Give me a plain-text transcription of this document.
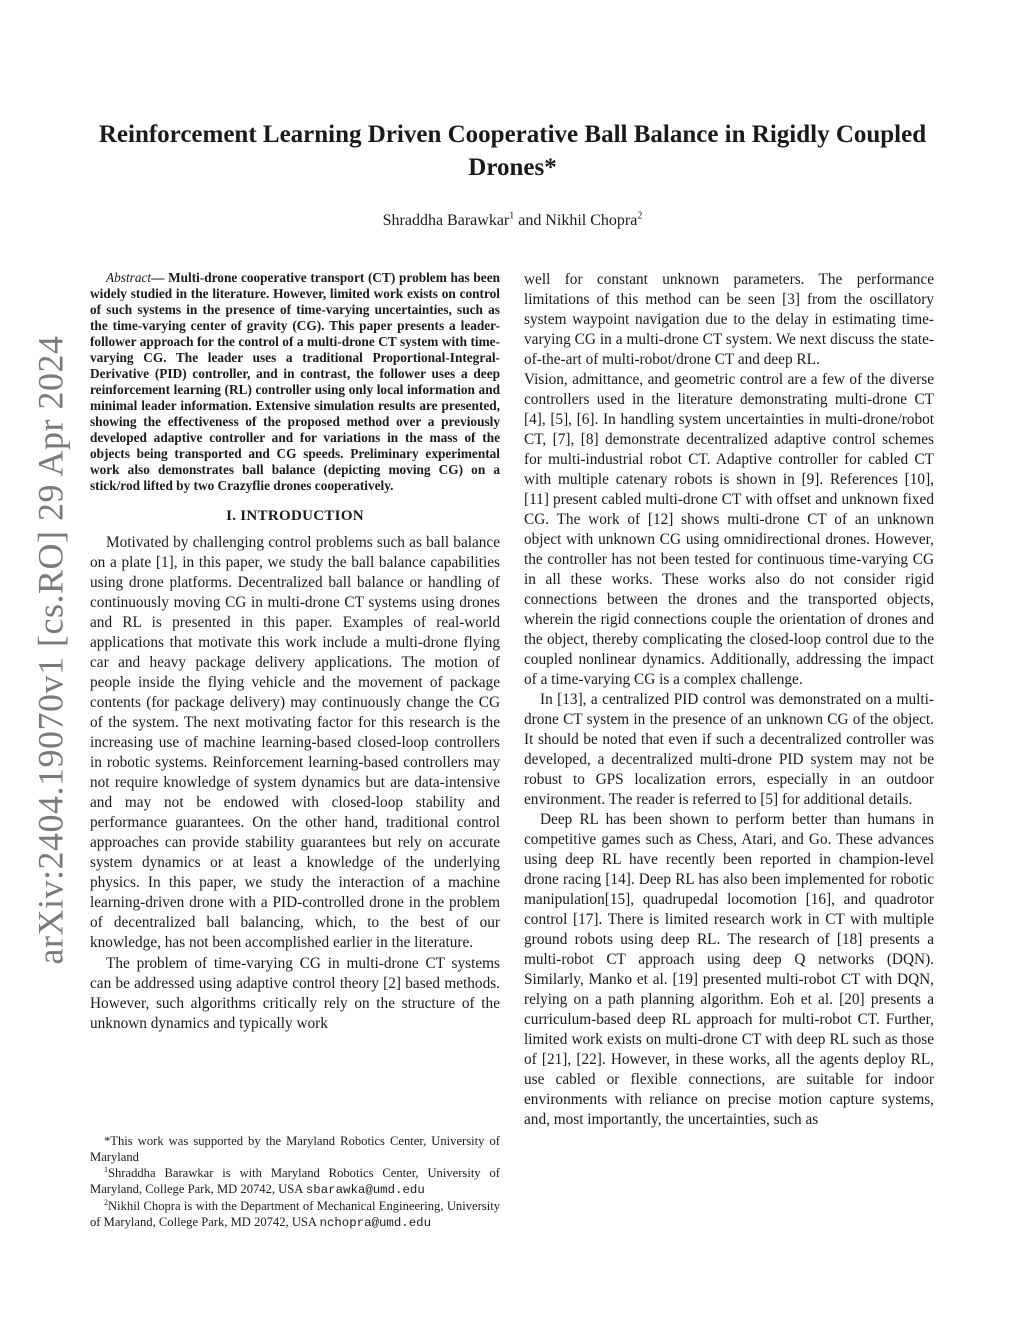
arXiv:2404.19070v1 [cs.RO] 29 Apr 2024
Reinforcement Learning Driven Cooperative Ball Balance in Rigidly Coupled Drones*
Shraddha Barawkar$^1$ and Nikhil Chopra$^2$

Abstract— Multi-drone cooperative transport (CT) problem has been widely studied in the literature. However, limited work exists on control of such systems in the presence of time-varying uncertainties, such as the time-varying center of gravity (CG). This paper presents a leader-follower approach for the control of a multi-drone CT system with time-varying CG. The leader uses a traditional Proportional-Integral-Derivative (PID) controller, and in contrast, the follower uses a deep reinforcement learning (RL) controller using only local information and minimal leader information. Extensive simulation results are presented, showing the effectiveness of the proposed method over a previously developed adaptive controller and for variations in the mass of the objects being transported and CG speeds. Preliminary experimental work also demonstrates ball balance (depicting moving CG) on a stick/rod lifted by two Crazyflie drones cooperatively.

I. INTRODUCTION

Motivated by challenging control problems such as ball balance on a plate [1], in this paper, we study the ball balance capabilities using drone platforms. Decentralized ball balance or handling of continuously moving CG in multi-drone CT systems using drones and RL is presented in this paper. Examples of real-world applications that motivate this work include a multi-drone flying car and heavy package delivery applications. The motion of people inside the flying vehicle and the movement of package contents (for package delivery) may continuously change the CG of the system. The next motivating factor for this research is the increasing use of machine learning-based closed-loop controllers in robotic systems. Reinforcement learning-based controllers may not require knowledge of system dynamics but are data-intensive and may not be endowed with closed-loop stability and performance guarantees. On the other hand, traditional control approaches can provide stability guarantees but rely on accurate system dynamics or at least a knowledge of the underlying physics. In this paper, we study the interaction of a machine learning-driven drone with a PID-controlled drone in the problem of decentralized ball balancing, which, to the best of our knowledge, has not been accomplished earlier in the literature.

The problem of time-varying CG in multi-drone CT systems can be addressed using adaptive control theory [2] based methods. However, such algorithms critically rely on the structure of the unknown dynamics and typically work

*This work was supported by the Maryland Robotics Center, University of Maryland

$^1$Shraddha Barawkar is with Maryland Robotics Center, University of Maryland, College Park, MD 20742, USA sbarawka@umd.edu

$^2$Nikhil Chopra is with the Department of Mechanical Engineering, University of Maryland, College Park, MD 20742, USA nchopra@umd.edu

well for constant unknown parameters. The performance limitations of this method can be seen [3] from the oscillatory system waypoint navigation due to the delay in estimating time-varying CG in a multi-drone CT system. We next discuss the state-of-the-art of multi-robot/drone CT and deep RL.

Vision, admittance, and geometric control are a few of the diverse controllers used in the literature demonstrating multi-drone CT [4], [5], [6]. In handling system uncertainties in multi-drone/robot CT, [7], [8] demonstrate decentralized adaptive control schemes for multi-industrial robot CT. Adaptive controller for cabled CT with multiple catenary robots is shown in [9]. References [10], [11] present cabled multi-drone CT with offset and unknown fixed CG. The work of [12] shows multi-drone CT of an unknown object with unknown CG using omnidirectional drones. However, the controller has not been tested for continuous time-varying CG in all these works. These works also do not consider rigid connections between the drones and the transported objects, wherein the rigid connections couple the orientation of drones and the object, thereby complicating the closed-loop control due to the coupled nonlinear dynamics. Additionally, addressing the impact of a time-varying CG is a complex challenge.

In [13], a centralized PID control was demonstrated on a multi-drone CT system in the presence of an unknown CG of the object. It should be noted that even if such a decentralized controller was developed, a decentralized multi-drone PID system may not be robust to GPS localization errors, especially in an outdoor environment. The reader is referred to [5] for additional details.

Deep RL has been shown to perform better than humans in competitive games such as Chess, Atari, and Go. These advances using deep RL have recently been reported in champion-level drone racing [14]. Deep RL has also been implemented for robotic manipulation[15], quadrupedal locomotion [16], and quadrotor control [17]. There is limited research work in CT with multiple ground robots using deep RL. The research of [18] presents a multi-robot CT approach using deep Q networks (DQN). Similarly, Manko et al. [19] presented multi-robot CT with DQN, relying on a path planning algorithm. Eoh et al. [20] presents a curriculum-based deep RL approach for multi-robot CT. Further, limited work exists on multi-drone CT with deep RL such as those of [21], [22]. However, in these works, all the agents deploy RL, use cabled or flexible connections, are suitable for indoor environments with reliance on precise motion capture systems, and, most importantly, the uncertainties, such as
